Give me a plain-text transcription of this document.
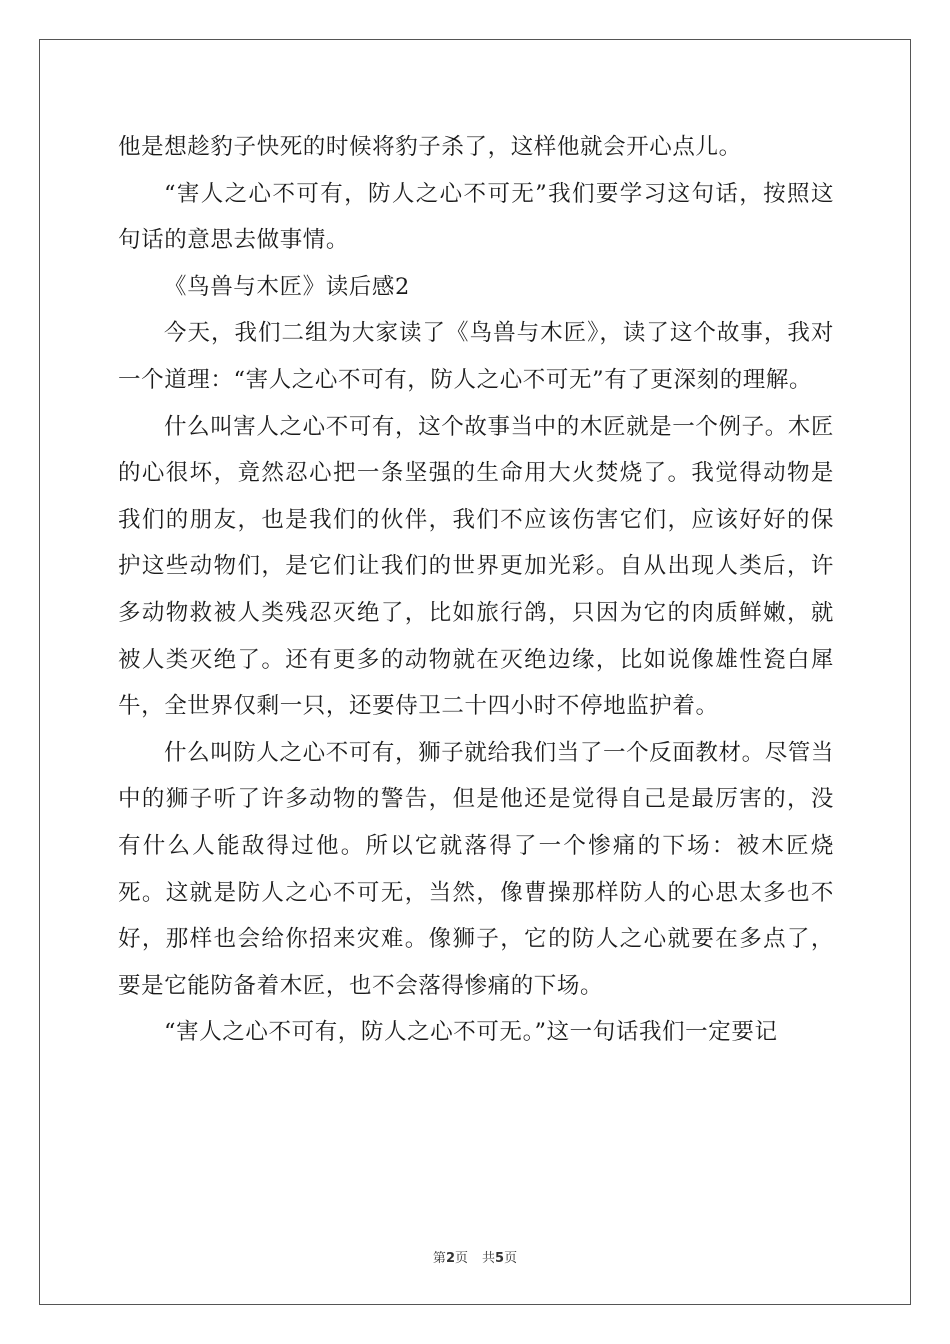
他是想趁豹子快死的时候将豹子杀了，这样他就会开心点儿。

“害人之心不可有，防人之心不可无”我们要学习这句话，按照这句话的意思去做事情。

《鸟兽与木匠》读后感2

今天，我们二组为大家读了《鸟兽与木匠》，读了这个故事，我对一个道理：“害人之心不可有，防人之心不可无”有了更深刻的理解。

什么叫害人之心不可有，这个故事当中的木匠就是一个例子。木匠的心很坏，竟然忍心把一条坚强的生命用大火焚烧了。我觉得动物是我们的朋友，也是我们的伙伴，我们不应该伤害它们，应该好好的保护这些动物们，是它们让我们的世界更加光彩。自从出现人类后，许多动物救被人类残忍灭绝了，比如旅行鸽，只因为它的肉质鲜嫩，就被人类灭绝了。还有更多的动物就在灭绝边缘，比如说像雄性瓷白犀牛，全世界仅剩一只，还要侍卫二十四小时不停地监护着。

什么叫防人之心不可有，狮子就给我们当了一个反面教材。尽管当中的狮子听了许多动物的警告，但是他还是觉得自己是最厉害的，没有什么人能敌得过他。所以它就落得了一个惨痛的下场：被木匠烧死。这就是防人之心不可无，当然，像曹操那样防人的心思太多也不好，那样也会给你招来灾难。像狮子，它的防人之心就要在多点了，要是它能防备着木匠，也不会落得惨痛的下场。

“害人之心不可有，防人之心不可无。”这一句话我们一定要记

第2页 共5页
